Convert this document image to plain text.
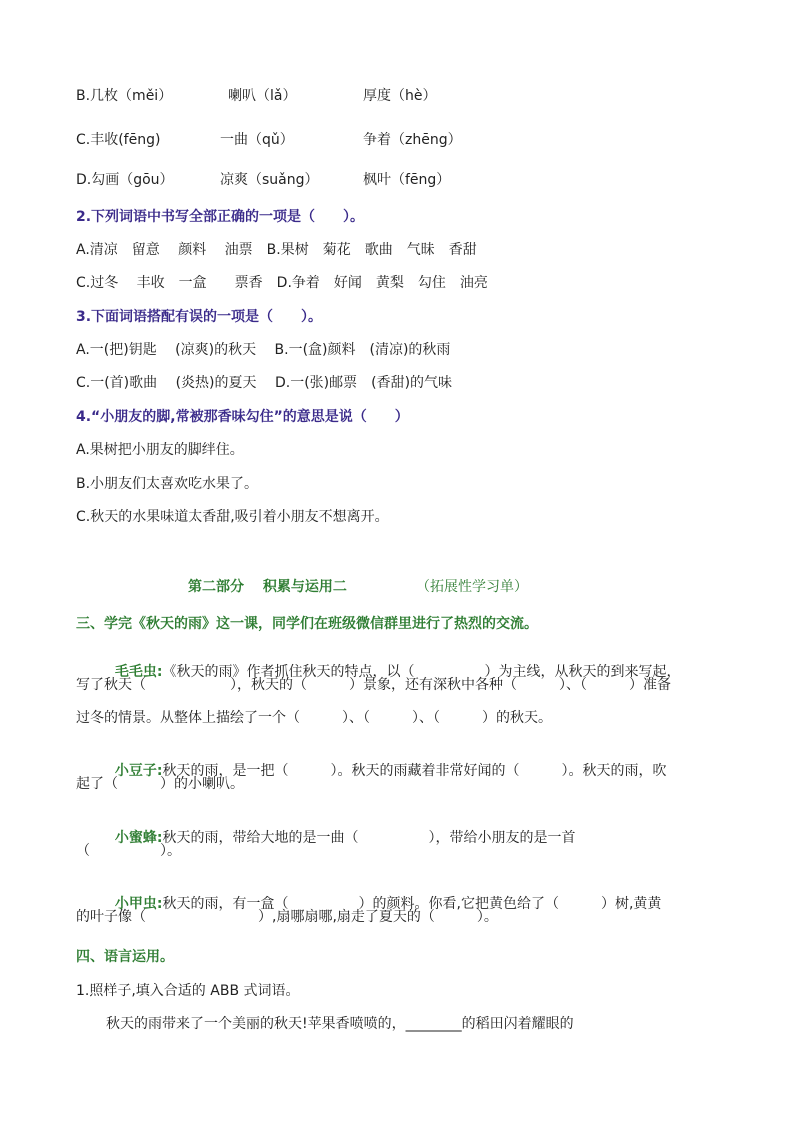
B.几枚（měi）	喇叭（lǎ）	厚度（hè）
C.丰收(fēng)	一曲（qǔ）	争着（zhēng）
D.勾画（gōu）	凉爽（suǎng）	枫叶（fēng）
2.下列词语中书写全部正确的一项是（　　）。
A.清凉　留意　 颜料　 油票　B.果树　菊花　歌曲　气昧　香甜
C.过冬　 丰收　一盒　　票香　D.争着　好闻　黄梨　勾住　油亮
3.下面词语搭配有误的一项是（　　）。
A.一(把)钥匙　 (凉爽)的秋天　 B.一(盒)颜料　(清凉)的秋雨
C.一(首)歌曲　 (炎热)的夏天　 D.一(张)邮票　(香甜)的气味
4.“小朋友的脚,常被那香味勾住”的意思是说（　　）
A.果树把小朋友的脚绊住。
B.小朋友们太喜欢吃水果了。
C.秋天的水果味道太香甜,吸引着小朋友不想离开。
第二部分　 积累与运用二	（拓展性学习单）
三、学完《秋天的雨》这一课，同学们在班级微信群里进行了热烈的交流。

毛毛虫:《秋天的雨》作者抓住秋天的特点，以（　　　　　）为主线，从秋天的到来写起，

写了秋天（　　　　　　），秋天的（　　　）景象，还有深秋中各种（　　　）、（　　　）准备
过冬的情景。从整体上描绘了一个（　　　）、（　　　）、（　　　）的秋天。

小豆子:秋天的雨，是一把（　　　）。秋天的雨藏着非常好闻的（　　　）。秋天的雨，吹

起了（　　　）的小喇叭。

小蜜蜂:秋天的雨，带给大地的是一曲（　　　　　），带给小朋友的是一首

（　　　　　）。

小甲虫:秋天的雨，有一盒（　　　　　）的颜料。你看,它把黄色给了（　　　）树,黄黄

的叶子像（　　　　　　　　）,扇哪扇哪,扇走了夏天的（　　　）。
四、语言运用。
1.照样子,填入合适的 ABB 式词语。
秋天的雨带来了一个美丽的秋天!苹果香喷喷的，________的稻田闪着耀眼的
